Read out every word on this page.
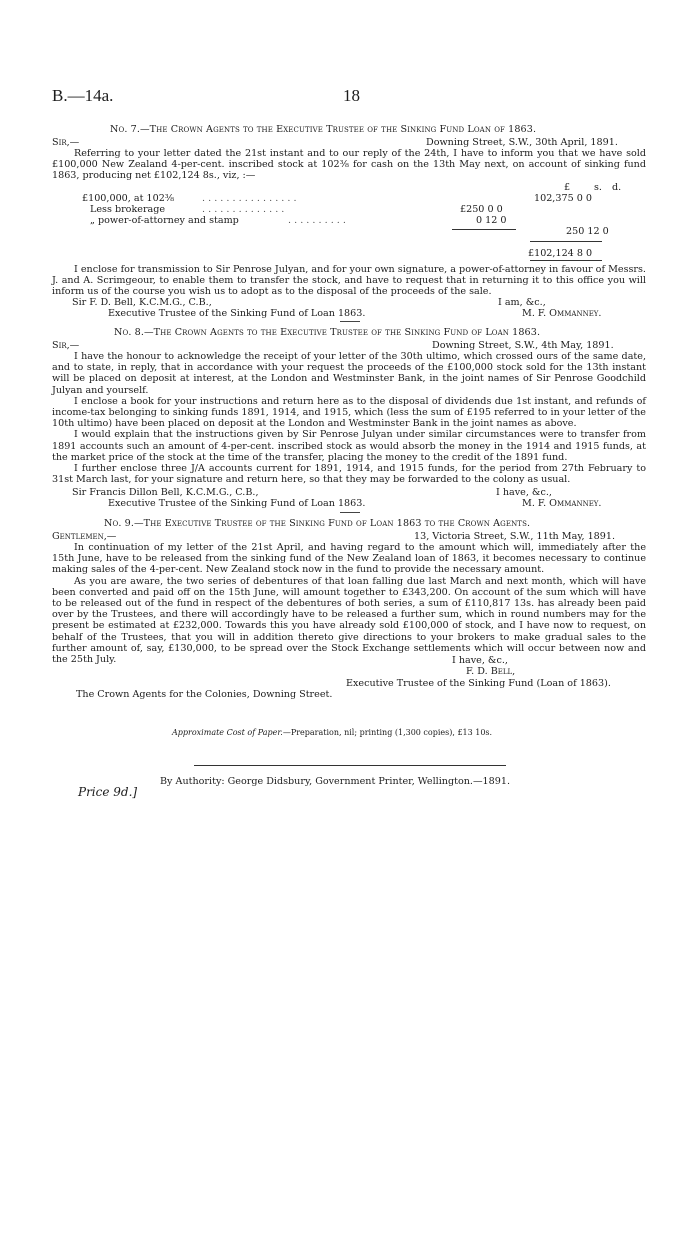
B.—14a.	18
No. 7.—The Crown Agents to the Executive Trustee of the Sinking Fund Loan of 1863.
Sir,—	Downing Street, S.W., 30th April, 1891.

Referring to your letter dated the 21st instant and to our reply of the 24th, I have to inform you that we have sold £100,000 New Zealand 4-per-cent. inscribed stock at 102⅜ for cash on the 13th May next, on account of sinking fund 1863, producing net £102,124 8s., viz, :—

£ s. d.
£100,000, at 102⅜	. . . . . . . . . . . . . . . .	102,375 0 0
Less brokerage	. . . . . . . . . . . . . .	£250 0 0
„ power-of-attorney and stamp	. . . . . . . . . .	0 12 0
250 12 0
£102,124 8 0

I enclose for transmission to Sir Penrose Julyan, and for your own signature, a power-of-attorney in favour of Messrs. J. and A. Scrimgeour, to enable them to transfer the stock, and have to request that in returning it to this office you will inform us of the course you wish us to adopt as to the disposal of the proceeds of the sale.

Sir F. D. Bell, K.C.M.G., C.B.,	I am, &c.,
Executive Trustee of the Sinking Fund of Loan 1863.	M. F. Ommanney.
No. 8.—The Crown Agents to the Executive Trustee of the Sinking Fund of Loan 1863.
Sir,—	Downing Street, S.W., 4th May, 1891.

I have the honour to acknowledge the receipt of your letter of the 30th ultimo, which crossed ours of the same date, and to state, in reply, that in accordance with your request the proceeds of the £100,000 stock sold for the 13th instant will be placed on deposit at interest, at the London and Westminster Bank, in the joint names of Sir Penrose Goodchild Julyan and yourself.

I enclose a book for your instructions and return here as to the disposal of dividends due 1st instant, and refunds of income-tax belonging to sinking funds 1891, 1914, and 1915, which (less the sum of £195 referred to in your letter of the 10th ultimo) have been placed on deposit at the London and Westminster Bank in the joint names as above.

I would explain that the instructions given by Sir Penrose Julyan under similar circumstances were to transfer from 1891 accounts such an amount of 4-per-cent. inscribed stock as would absorb the money in the 1914 and 1915 funds, at the market price of the stock at the time of the transfer, placing the money to the credit of the 1891 fund.

I further enclose three J/A accounts current for 1891, 1914, and 1915 funds, for the period from 27th February to 31st March last, for your signature and return here, so that they may be forwarded to the colony as usual.

Sir Francis Dillon Bell, K.C.M.G., C.B.,	I have, &c.,
Executive Trustee of the Sinking Fund of Loan 1863.	M. F. Ommanney.
No. 9.—The Executive Trustee of the Sinking Fund of Loan 1863 to the Crown Agents.
Gentlemen,—	13, Victoria Street, S.W., 11th May, 1891.

In continuation of my letter of the 21st April, and having regard to the amount which will, immediately after the 15th June, have to be released from the sinking fund of the New Zealand loan of 1863, it becomes necessary to continue making sales of the 4-per-cent. New Zealand stock now in the fund to provide the necessary amount.

As you are aware, the two series of debentures of that loan falling due last March and next month, which will have been converted and paid off on the 15th June, will amount together to £343,200. On account of the sum which will have to be released out of the fund in respect of the debentures of both series, a sum of £110,817 13s. has already been paid over by the Trustees, and there will accordingly have to be released a further sum, which in round numbers may for the present be estimated at £232,000. Towards this you have already sold £100,000 of stock, and I have now to request, on behalf of the Trustees, that you will in addition thereto give directions to your brokers to make gradual sales to the further amount of, say, £130,000, to be spread over the Stock Exchange settlements which will occur between now and the 25th July.	I have, &c.,
F. D. Bell,
Executive Trustee of the Sinking Fund (Loan of 1863).
The Crown Agents for the Colonies, Downing Street.
Approximate Cost of Paper.—Preparation, nil; printing (1,300 copies), £13 10s.
By Authority: George Didsbury, Government Printer, Wellington.—1891.
Price 9d.]
